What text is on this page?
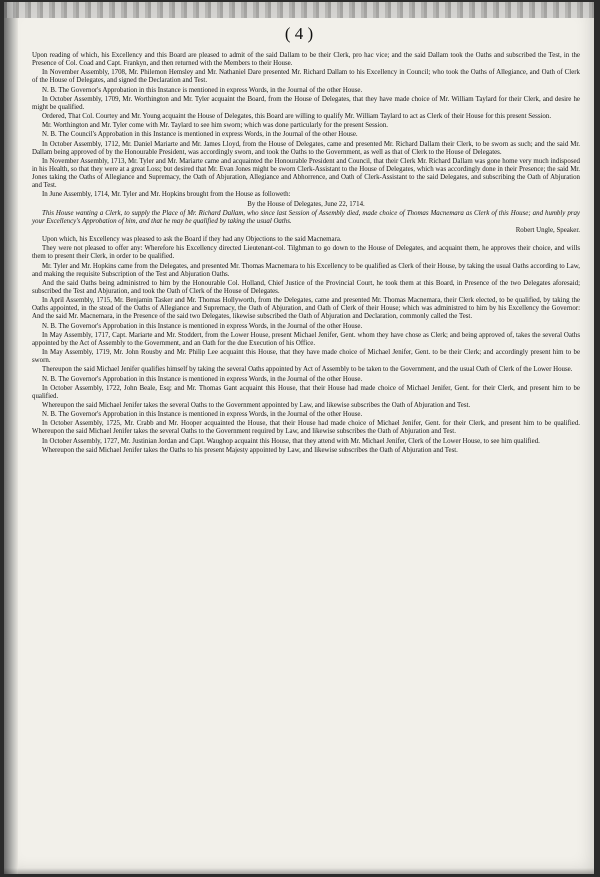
( 4 )

Upon reading of which, his Excellency and this Board are pleased to admit of the said Dallam to be their Clerk, pro hac vice; and the said Dallam took the Oaths and subscribed the Test, in the Presence of Col. Coad and Capt. Frankyn, and then returned with the Members to their House.

In November Assembly, 1708, Mr. Philemon Hemsley and Mr. Nathaniel Dare presented Mr. Richard Dallam to his Excellency in Council; who took the Oaths of Allegiance, and Oath of Clerk of the House of Delegates, and signed the Declaration and Test.

N. B. The Governor's Approbation in this Instance is mentioned in express Words, in the Journal of the other House.

In October Assembly, 1709, Mr. Worthington and Mr. Tyler acquaint the Board, from the House of Delegates, that they have made choice of Mr. William Taylard for their Clerk, and desire he might be qualified.

Ordered, That Col. Courtey and Mr. Young acquaint the House of Delegates, this Board are willing to qualify Mr. William Taylard to act as Clerk of their House for this present Session.

Mr. Worthington and Mr. Tyler come with Mr. Taylard to see him sworn; which was done particularly for the present Session.

N. B. The Council's Approbation in this Instance is mentioned in express Words, in the Journal of the other House.

In October Assembly, 1712, Mr. Daniel Mariarte and Mr. James Lloyd, from the House of Delegates, came and presented Mr. Richard Dallam their Clerk, to be sworn as such; and the said Mr. Dallam being approved of by the Honourable President, was accordingly sworn, and took the Oaths to the Government, as well as that of Clerk to the House of Delegates.

In November Assembly, 1713, Mr. Tyler and Mr. Mariarte came and acquainted the Honourable President and Council, that their Clerk Mr. Richard Dallam was gone home very much indisposed in his Health, so that they were at a great Loss; but desired that Mr. Evan Jones might be sworn Clerk-Assistant to the House of Delegates, which was accordingly done in their Presence; the said Mr. Jones taking the Oaths of Allegiance and Supremacy, the Oath of Abjuration, Allegiance and Abhorrence, and Oath of Clerk-Assistant to the said Delegates, and subscribing the Oath of Abjuration and Test.

In June Assembly, 1714, Mr. Tyler and Mr. Hopkins brought from the House as followeth:

By the House of Delegates, June 22, 1714.

This House wanting a Clerk, to supply the Place of Mr. Richard Dallam, who since last Session of Assembly died, made choice of Thomas Macnemara as Clerk of this House; and humbly pray your Excellency's Approbation of him, and that he may be qualified by taking the usual Oaths.

Robert Ungle, Speaker.

Upon which, his Excellency was pleased to ask the Board if they had any Objections to the said Macnemara.

They were not pleased to offer any: Wherefore his Excellency directed Lieutenant-col. Tilghman to go down to the House of Delegates, and acquaint them, he approves their choice, and wills them to present their Clerk, in order to be qualified.

Mr. Tyler and Mr. Hopkins came from the Delegates, and presented Mr. Thomas Macnemara to his Excellency to be qualified as Clerk of their House, by taking the usual Oaths according to Law, and making the requisite Subscription of the Test and Abjuration Oaths.

And the said Oaths being administred to him by the Honourable Col. Holland, Chief Justice of the Provincial Court, he took them at this Board, in Presence of the two Delegates aforesaid; subscribed the Test and Abjuration, and took the Oath of Clerk of the House of Delegates.

In April Assembly, 1715, Mr. Benjamin Tasker and Mr. Thomas Hollyworth, from the Delegates, came and presented Mr. Thomas Macnemara, their Clerk elected, to be qualified, by taking the Oaths appointed, in the stead of the Oaths of Allegiance and Supremacy, the Oath of Abjuration, and Oath of Clerk of their House; which was administred to him by his Excellency the Governor: And the said Mr. Macnemara, in the Presence of the said two Delegates, likewise subscribed the Oath of Abjuration and Declaration, commonly called the Test.

N. B. The Governor's Approbation in this Instance is mentioned in express Words, in the Journal of the other House.

In May Assembly, 1717, Capt. Mariarte and Mr. Stoddert, from the Lower House, present Michael Jenifer, Gent. whom they have chose as Clerk; and being approved of, takes the several Oaths appointed by the Act of Assembly to the Government, and an Oath for the due Execution of his Office.

In May Assembly, 1719, Mr. John Rousby and Mr. Philip Lee acquaint this House, that they have made choice of Michael Jenifer, Gent. to be their Clerk; and accordingly present him to be sworn.

Thereupon the said Michael Jenifer qualifies himself by taking the several Oaths appointed by Act of Assembly to be taken to the Government, and the usual Oath of Clerk of the Lower House.

N. B. The Governor's Approbation in this Instance is mentioned in express Words, in the Journal of the other House.

In October Assembly, 1722, John Beale, Esq; and Mr. Thomas Gant acquaint this House, that their House had made choice of Michael Jenifer, Gent. for their Clerk, and present him to be qualified.

Whereupon the said Michael Jenifer takes the several Oaths to the Government appointed by Law, and likewise subscribes the Oath of Abjuration and Test.

N. B. The Governor's Approbation in this Instance is mentioned in express Words, in the Journal of the other House.

In October Assembly, 1725, Mr. Crabb and Mr. Hooper acquainted the House, that their House had made choice of Michael Jenifer, Gent. for their Clerk, and present him to be qualified. Whereupon the said Michael Jenifer takes the several Oaths to the Government required by Law, and likewise subscribes the Oath of Abjuration and Test.

In October Assembly, 1727, Mr. Justinian Jordan and Capt. Waughop acquaint this House, that they attend with Mr. Michael Jenifer, Clerk of the Lower House, to see him qualified.

Whereupon the said Michael Jenifer takes the Oaths to his present Majesty appointed by Law, and likewise subscribes the Oath of Abjuration and Test.
